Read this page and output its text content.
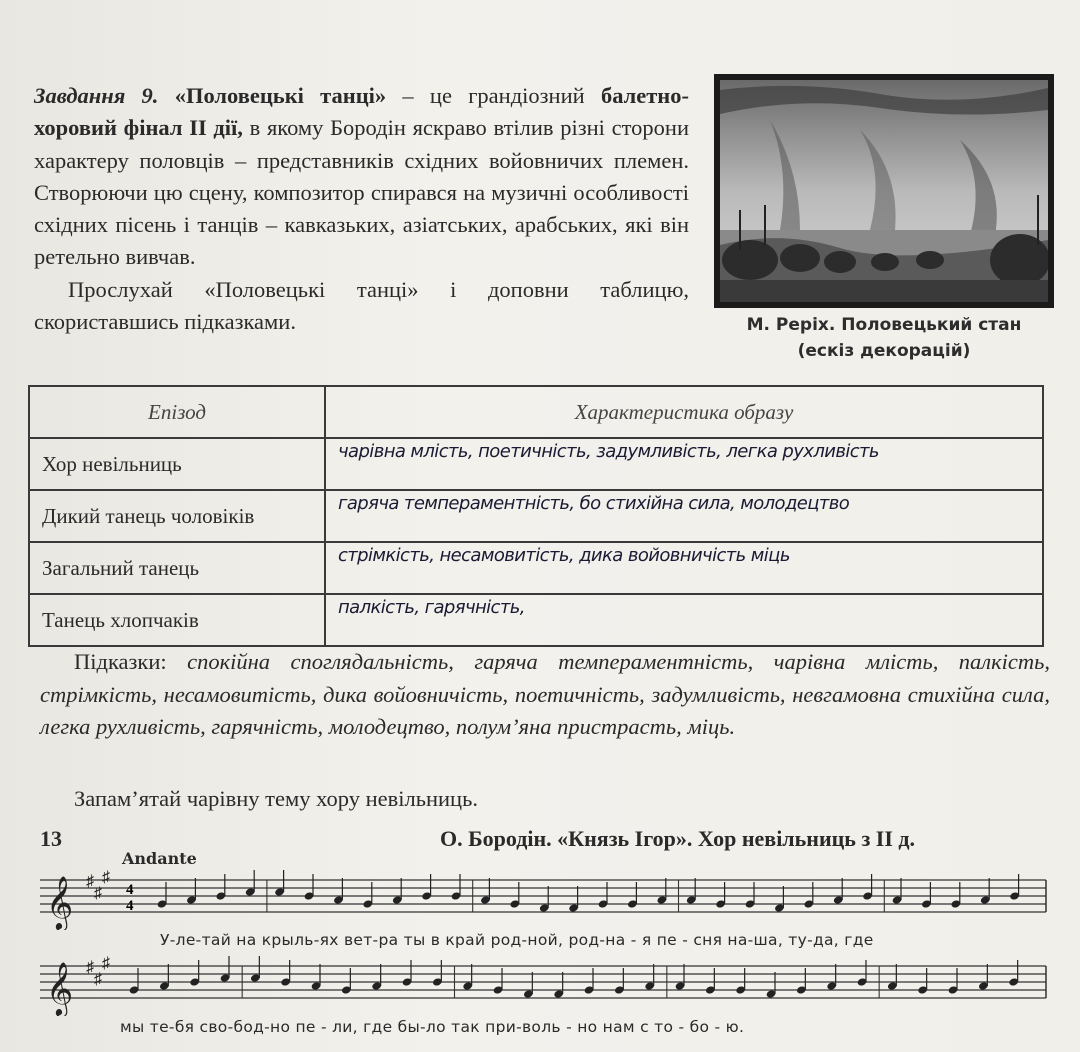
Завдання 9. «Половецькі танці» – це грандіозний балетно-хоровий фінал II дії, в якому Бородін яскраво втілив різні сторони характеру половців – представників східних войовничих племен. Створюючи цю сцену, композитор спирався на музичні особливості східних пісень і танців – кавказьких, азіатських, арабських, які він ретельно вивчав.

Прослухай «Половецькі танці» і доповни таблицю, скориставшись підказками.	М. Реріх. Половецький стан
(ескіз декорацій)
Епізод	Характеристика образу
Хор невільниць	чарівна мліcть, поетичність, задумливість, легка рухливість
Дикий танець чоловіків	гаряча темпераментність, бо стихійна сила, молодецтво
Загальний танець	стрімкість, несамовитість, дика войовничість міць
Танець хлопчаків	палкість, гарячність,

Підказки: спокійна споглядальність, гаряча темпераментність, чарівна млість, палкість, стрімкість, несамовитість, дика войовничість, поетичність, задумливість, невгамовна стихійна сила, легка рухливість, гарячність, молодецтво, полум’яна пристрасть, міць.

Запам’ятай чарівну тему хору невільниць.
13	О. Бородін. «Князь Ігор». Хор невільниць з II д.
Andante
𝄞 ♯
♯
♯
4
4
У-ле-тай на крыль-ях вет-ра ты в край род-ной, род-на - я пе - сня на-ша, ту-да, где
𝄞 ♯
♯
♯
мы те-бя сво-бод-но пе - ли, где бы-ло так при-воль - но нам с то - бо - ю.
